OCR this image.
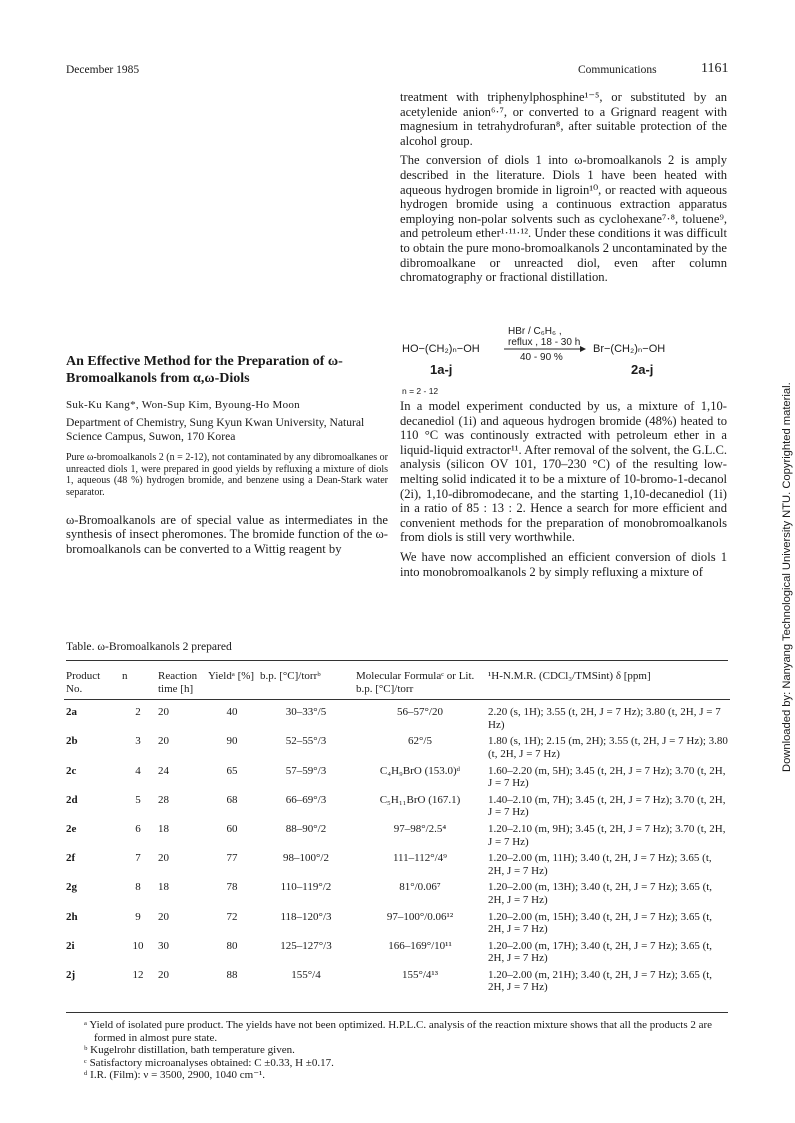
December 1985	Communications	1161

treatment with triphenylphosphine¹⁻⁵, or substituted by an acetylenide anion⁶·⁷, or converted to a Grignard reagent with magnesium in tetrahydrofuran⁸, after suitable protection of the alcohol group.

The conversion of diols 1 into ω-bromoalkanols 2 is amply described in the literature. Diols 1 have been heated with aqueous hydrogen bromide in ligroin¹⁰, or reacted with aqueous hydrogen bromide using a continuous extraction apparatus employing non-polar solvents such as cyclohexane⁷·⁸, toluene⁹, and petroleum ether¹·¹¹·¹². Under these conditions it was difficult to obtain the pure mono-bromoalkanols 2 uncontaminated by the dibromoalkane or unreacted diol, even after column chromatography or fractional distillation.

HBr / C₆H₆ ,
reflux , 18 - 30 h
40 - 90 %
HO−(CH₂)ₙ−OH	Br−(CH₂)ₙ−OH
1a-j	2a-j
n = 2 - 12

In a model experiment conducted by us, a mixture of 1,10-decanediol (1i) and aqueous hydrogen bromide (48%) heated to 110 °C was continously extracted with petroleum ether in a liquid-liquid extractor¹¹. After removal of the solvent, the G.L.C. analysis (silicon OV 101, 170–230 °C) of the resulting low-melting solid indicated it to be a mixture of 10-bromo-1-decanol (2i), 1,10-dibromodecane, and the starting 1,10-decanediol (1i) in a ratio of 85 : 13 : 2. Hence a search for more efficient and convenient methods for the preparation of monobromoalkanols from diols is still very worthwhile.

We have now accomplished an efficient conversion of diols 1 into monobromoalkanols 2 by simply refluxing a mixture of

An Effective Method for the Preparation of ω-Bromoalkanols from α,ω-Diols
Suk-Ku Kang*, Won-Sup Kim, Byoung-Ho Moon
Department of Chemistry, Sung Kyun Kwan University, Natural Science Campus, Suwon, 170 Korea
Pure ω-bromoalkanols 2 (n = 2-12), not contaminated by any dibromoalkanes or unreacted diols 1, were prepared in good yields by refluxing a mixture of diols 1, aqueous (48 %) hydrogen bromide, and benzene using a Dean-Stark water separator.
ω-Bromoalkanols are of special value as intermediates in the synthesis of insect pheromones. The bromide function of the ω-bromoalkanols can be converted to a Wittig reagent by	Downloaded by: Nanyang Technological University NTU. Copyrighted material.
Table. ω-Bromoalkanols 2 prepared
Product No.	n	Reaction time [h]	Yieldᵃ [%]	b.p. [°C]/torrᵇ	Molecular Formulaᶜ or Lit. b.p. [°C]/torr	¹H-N.M.R. (CDCl₃/TMSint) δ [ppm]

2a	2	20	40	30–33°/5	56–57°/20	2.20 (s, 1H); 3.55 (t, 2H, J = 7 Hz); 3.80 (t, 2H, J = 7 Hz)
2b	3	20	90	52–55°/3	62°/5	1.80 (s, 1H); 2.15 (m, 2H); 3.55 (t, 2H, J = 7 Hz); 3.80 (t, 2H, J = 7 Hz)
2c	4	24	65	57–59°/3	C₄H₉BrO (153.0)ᵈ	1.60–2.20 (m, 5H); 3.45 (t, 2H, J = 7 Hz); 3.70 (t, 2H, J = 7 Hz)
2d	5	28	68	66–69°/3	C₅H₁₁BrO (167.1)	1.40–2.10 (m, 7H); 3.45 (t, 2H, J = 7 Hz); 3.70 (t, 2H, J = 7 Hz)
2e	6	18	60	88–90°/2	97–98°/2.5⁴	1.20–2.10 (m, 9H); 3.45 (t, 2H, J = 7 Hz); 3.70 (t, 2H, J = 7 Hz)
2f	7	20	77	98–100°/2	111–112°/4⁹	1.20–2.00 (m, 11H); 3.40 (t, 2H, J = 7 Hz); 3.65 (t, 2H, J = 7 Hz)
2g	8	18	78	110–119°/2	81°/0.06⁷	1.20–2.00 (m, 13H); 3.40 (t, 2H, J = 7 Hz); 3.65 (t, 2H, J = 7 Hz)
2h	9	20	72	118–120°/3	97–100°/0.06¹²	1.20–2.00 (m, 15H); 3.40 (t, 2H, J = 7 Hz); 3.65 (t, 2H, J = 7 Hz)
2i	10	30	80	125–127°/3	166–169°/10¹¹	1.20–2.00 (m, 17H); 3.40 (t, 2H, J = 7 Hz); 3.65 (t, 2H, J = 7 Hz)
2j	12	20	88	155°/4	155°/4¹³	1.20–2.00 (m, 21H); 3.40 (t, 2H, J = 7 Hz); 3.65 (t, 2H, J = 7 Hz)
ᵃ Yield of isolated pure product. The yields have not been optimized. H.P.L.C. analysis of the reaction mixture shows that all the products 2 are formed in almost pure state.
ᵇ Kugelrohr distillation, bath temperature given.
ᶜ Satisfactory microanalyses obtained: C ±0.33, H ±0.17.
ᵈ I.R. (Film): ν = 3500, 2900, 1040 cm⁻¹.
